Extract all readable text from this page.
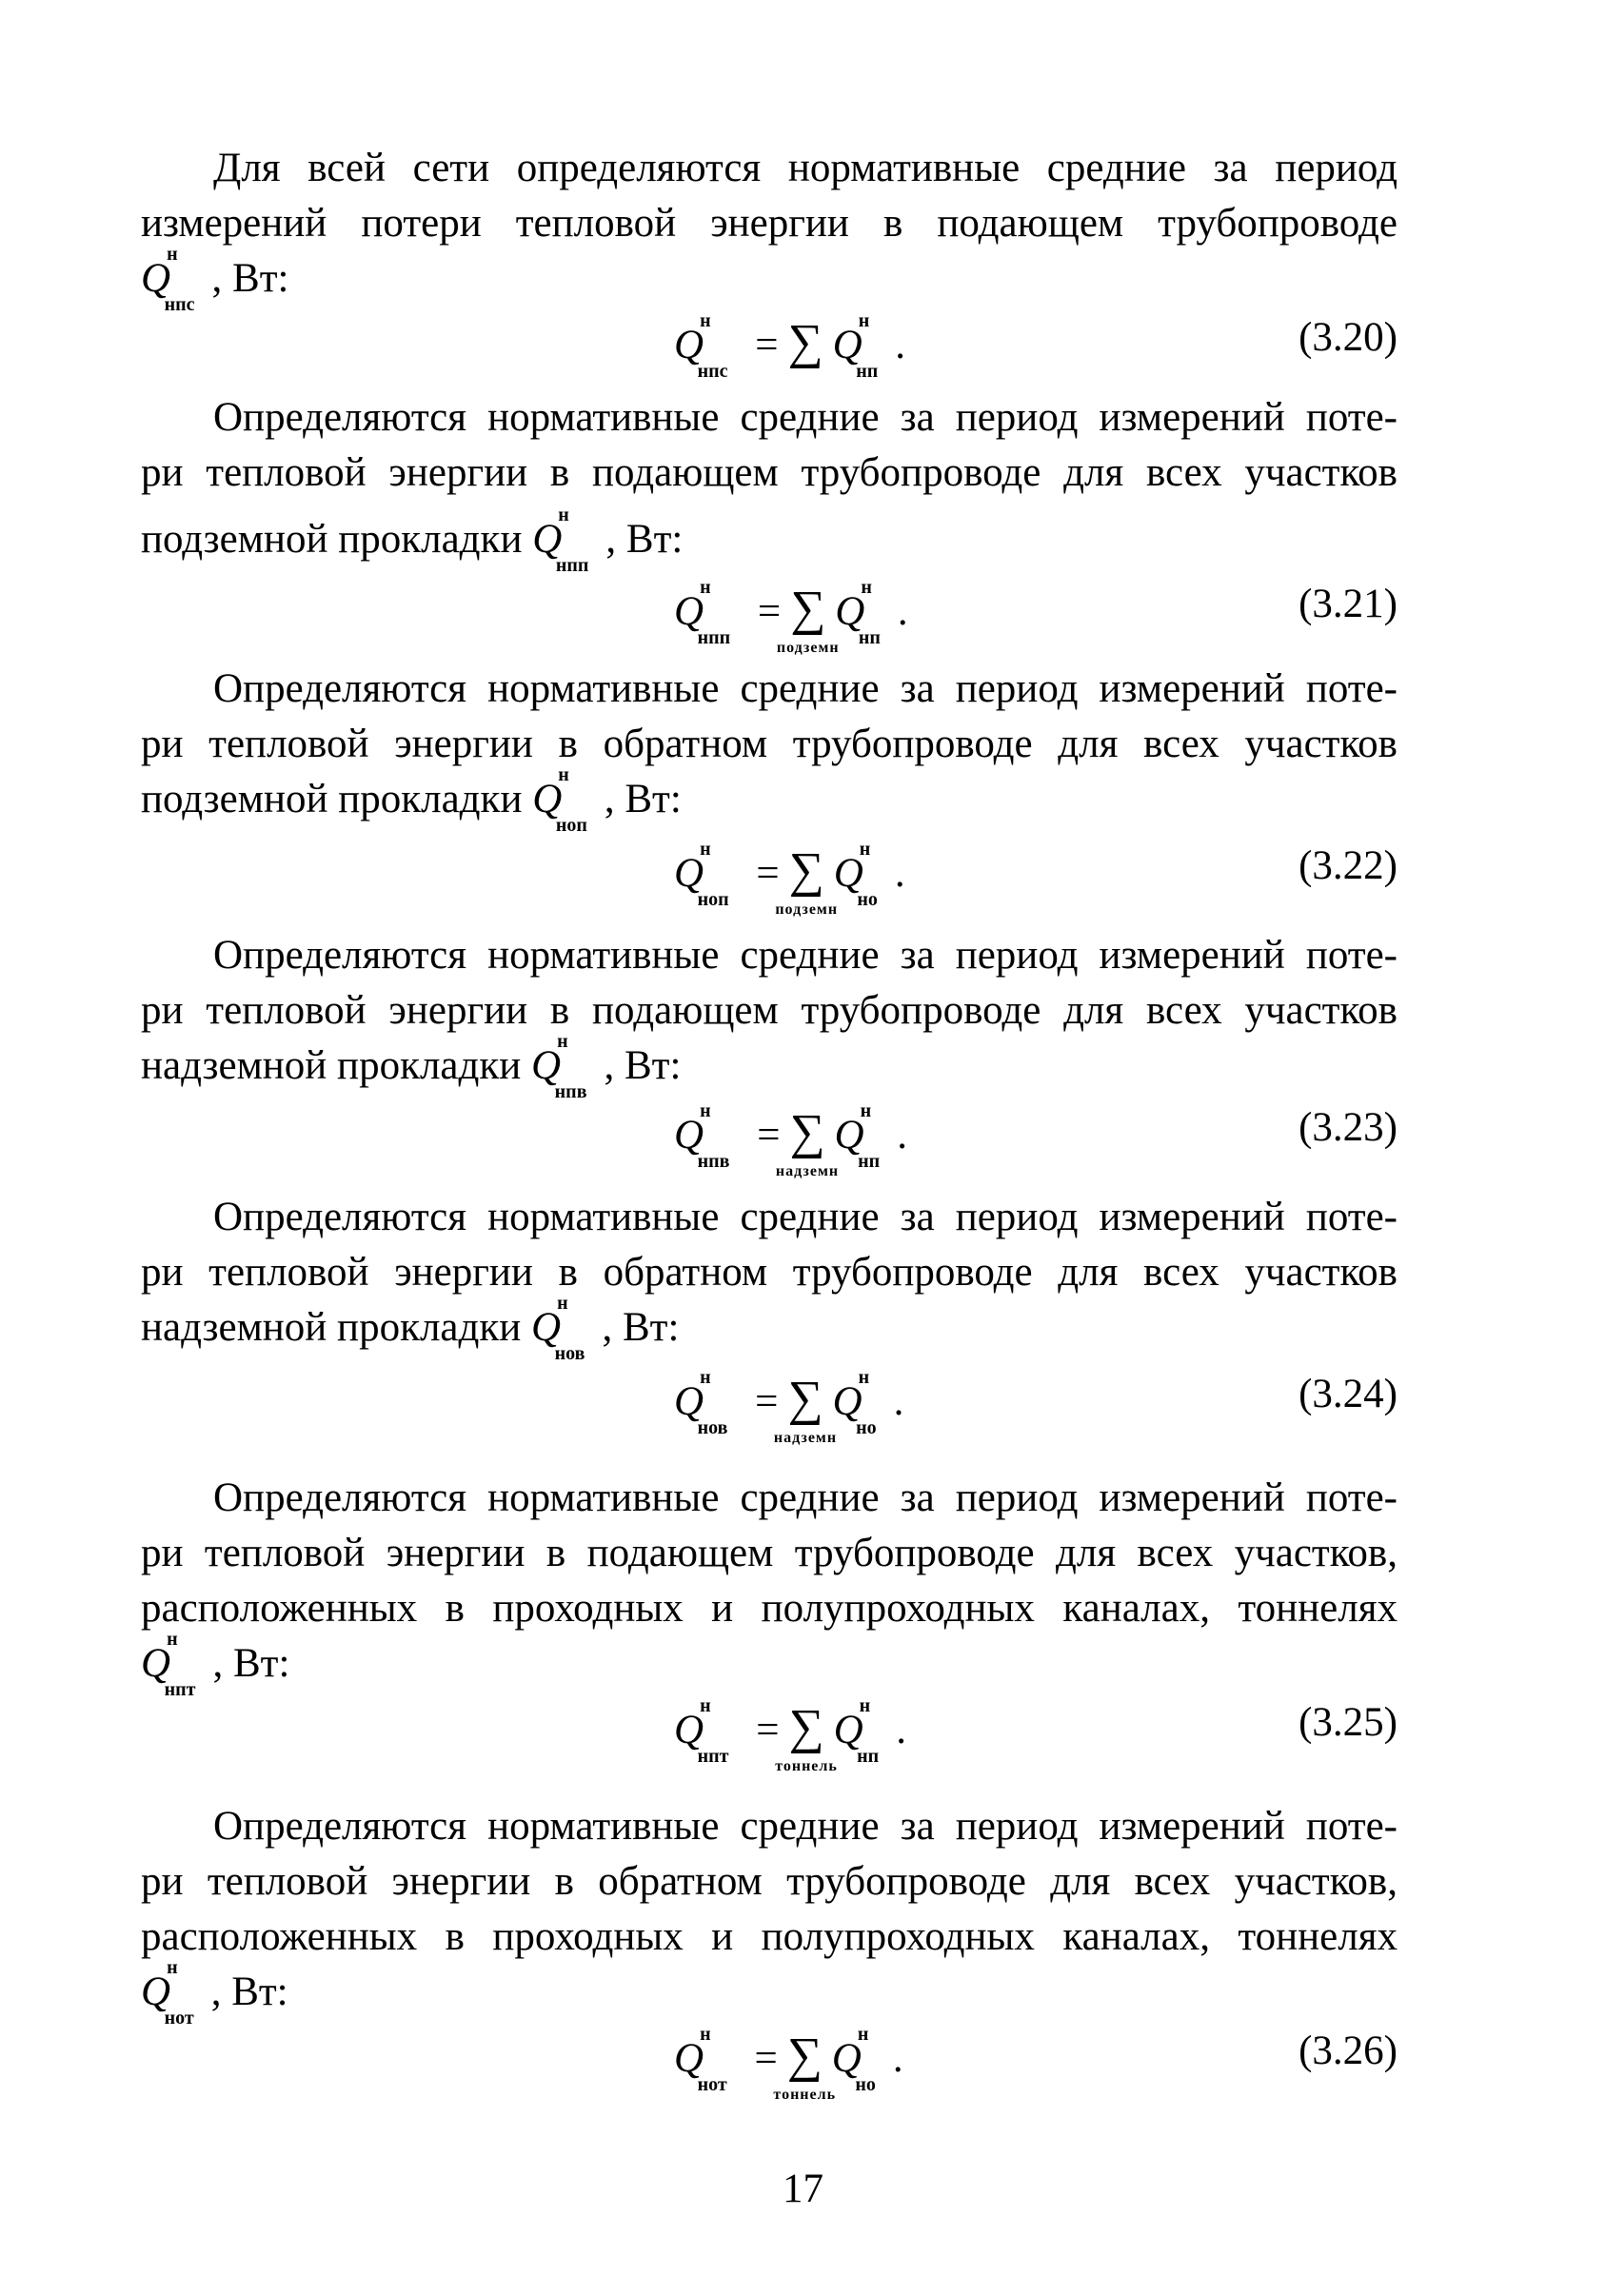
Для всей сети определяются нормативные средние за период
измерений потери тепловой энергии в подающем трубопроводе
$Q^н_{нпс}$, Вт:

$Q^н_{нпс}$ = ∑ $Q^н_{нп}$.	(3.20)

Определяются нормативные средние за период измерений поте-
ри тепловой энергии в подающем трубопроводе для всех участков
подземной прокладки $Q^н_{нпп}$, Вт:

$Q^н_{нпп}$ = ∑
подземн
$Q^н_{нп}$.	(3.21)

Определяются нормативные средние за период измерений поте-
ри тепловой энергии в обратном трубопроводе для всех участков
подземной прокладки $Q^н_{ноп}$, Вт:

$Q^н_{ноп}$ = ∑
подземн
$Q^н_{но}$.	(3.22)

Определяются нормативные средние за период измерений поте-
ри тепловой энергии в подающем трубопроводе для всех участков
надземной прокладки $Q^н_{нпв}$, Вт:

$Q^н_{нпв}$ = ∑
надземн
$Q^н_{нп}$.	(3.23)

Определяются нормативные средние за период измерений поте-
ри тепловой энергии в обратном трубопроводе для всех участков
надземной прокладки $Q^н_{нов}$, Вт:

$Q^н_{нов}$ = ∑
надземн
$Q^н_{но}$.	(3.24)

Определяются нормативные средние за период измерений поте-
ри тепловой энергии в подающем трубопроводе для всех участков,
расположенных в проходных и полупроходных каналах, тоннелях
$Q^н_{нпт}$, Вт:

$Q^н_{нпт}$ = ∑
тоннель
$Q^н_{нп}$.	(3.25)

Определяются нормативные средние за период измерений поте-
ри тепловой энергии в обратном трубопроводе для всех участков,
расположенных в проходных и полупроходных каналах, тоннелях
$Q^н_{нот}$, Вт:

$Q^н_{нот}$ = ∑
тоннель
$Q^н_{но}$.	(3.26)
17
